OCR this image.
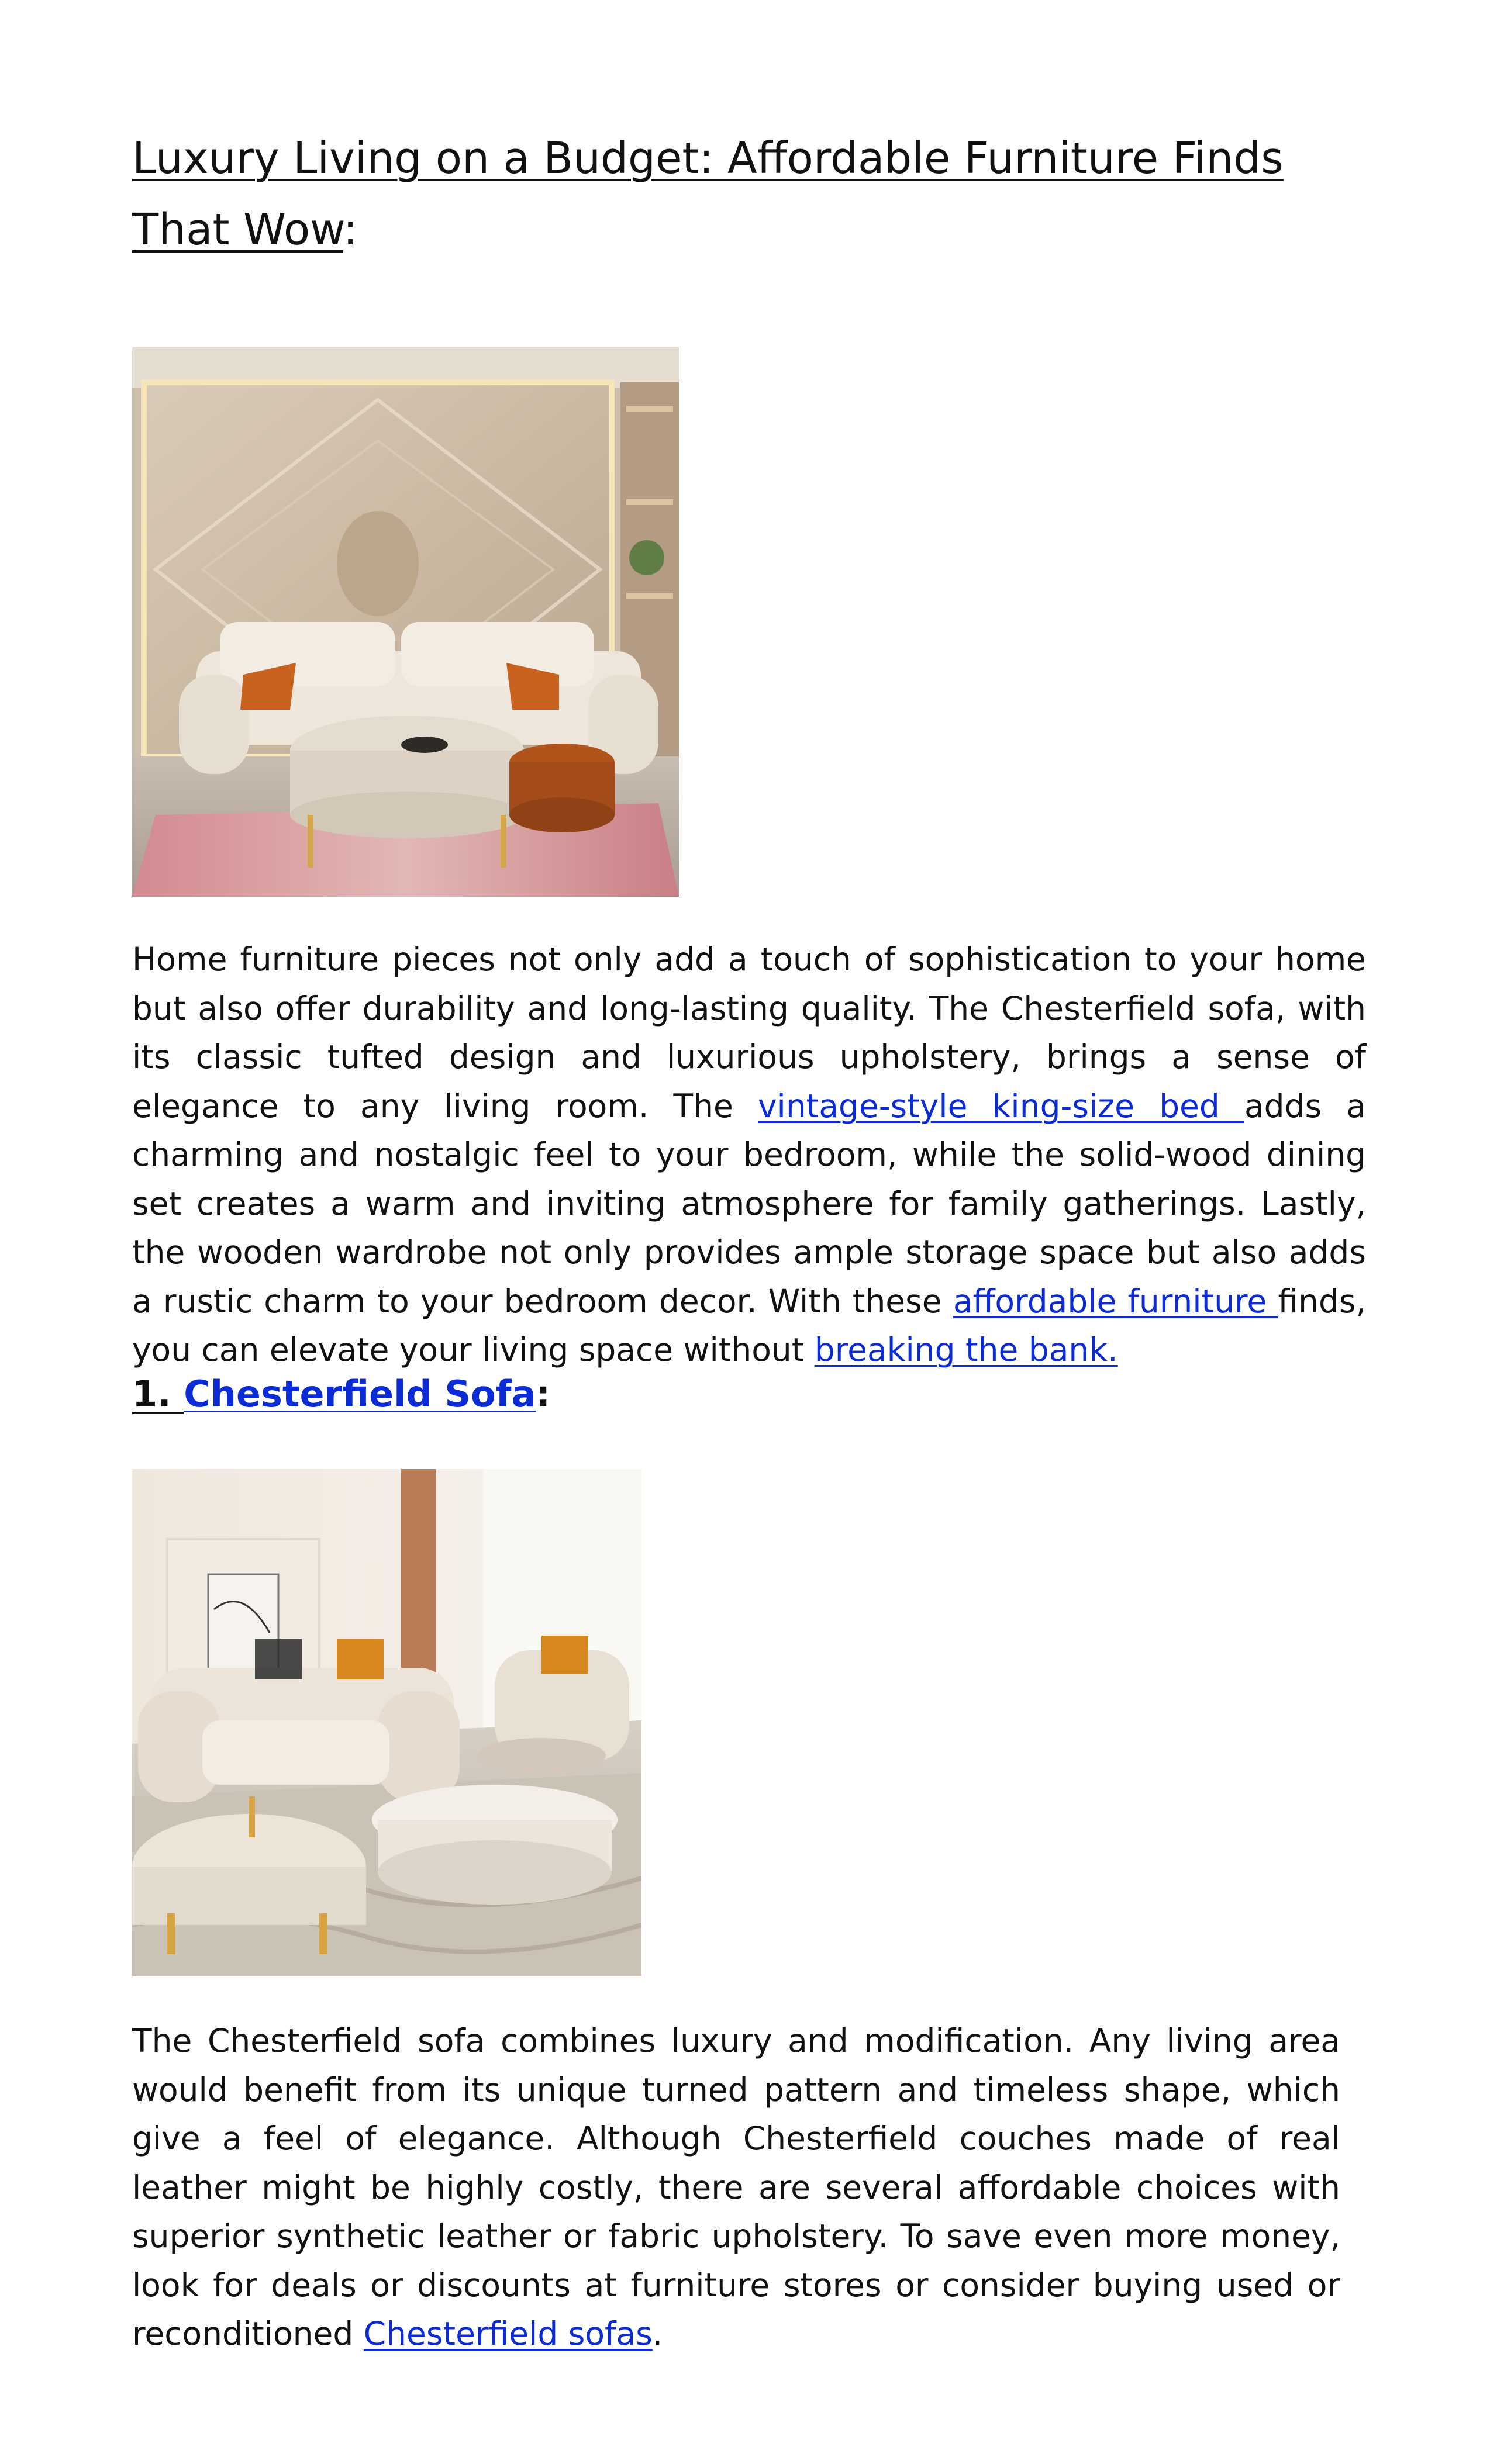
Luxury Living on a Budget: Affordable Furniture Finds That Wow:

Home furniture pieces not only add a touch of sophistication to your home but also offer durability and long-lasting quality. The Chesterfield sofa, with its classic tufted design and luxurious upholstery, brings a sense of elegance to any living room. The vintage-style king-size bed adds a charming and nostalgic feel to your bedroom, while the solid-wood dining set creates a warm and inviting atmosphere for family gatherings. Lastly, the wooden wardrobe not only provides ample storage space but also adds a rustic charm to your bedroom decor. With these affordable furniture finds, you can elevate your living space without breaking the bank.

1. Chesterfield Sofa:

The Chesterfield sofa combines luxury and modification. Any living area would benefit from its unique turned pattern and timeless shape, which give a feel of elegance. Although Chesterfield couches made of real leather might be highly costly, there are several affordable choices with superior synthetic leather or fabric upholstery. To save even more money, look for deals or discounts at furniture stores or consider buying used or reconditioned Chesterfield sofas.
